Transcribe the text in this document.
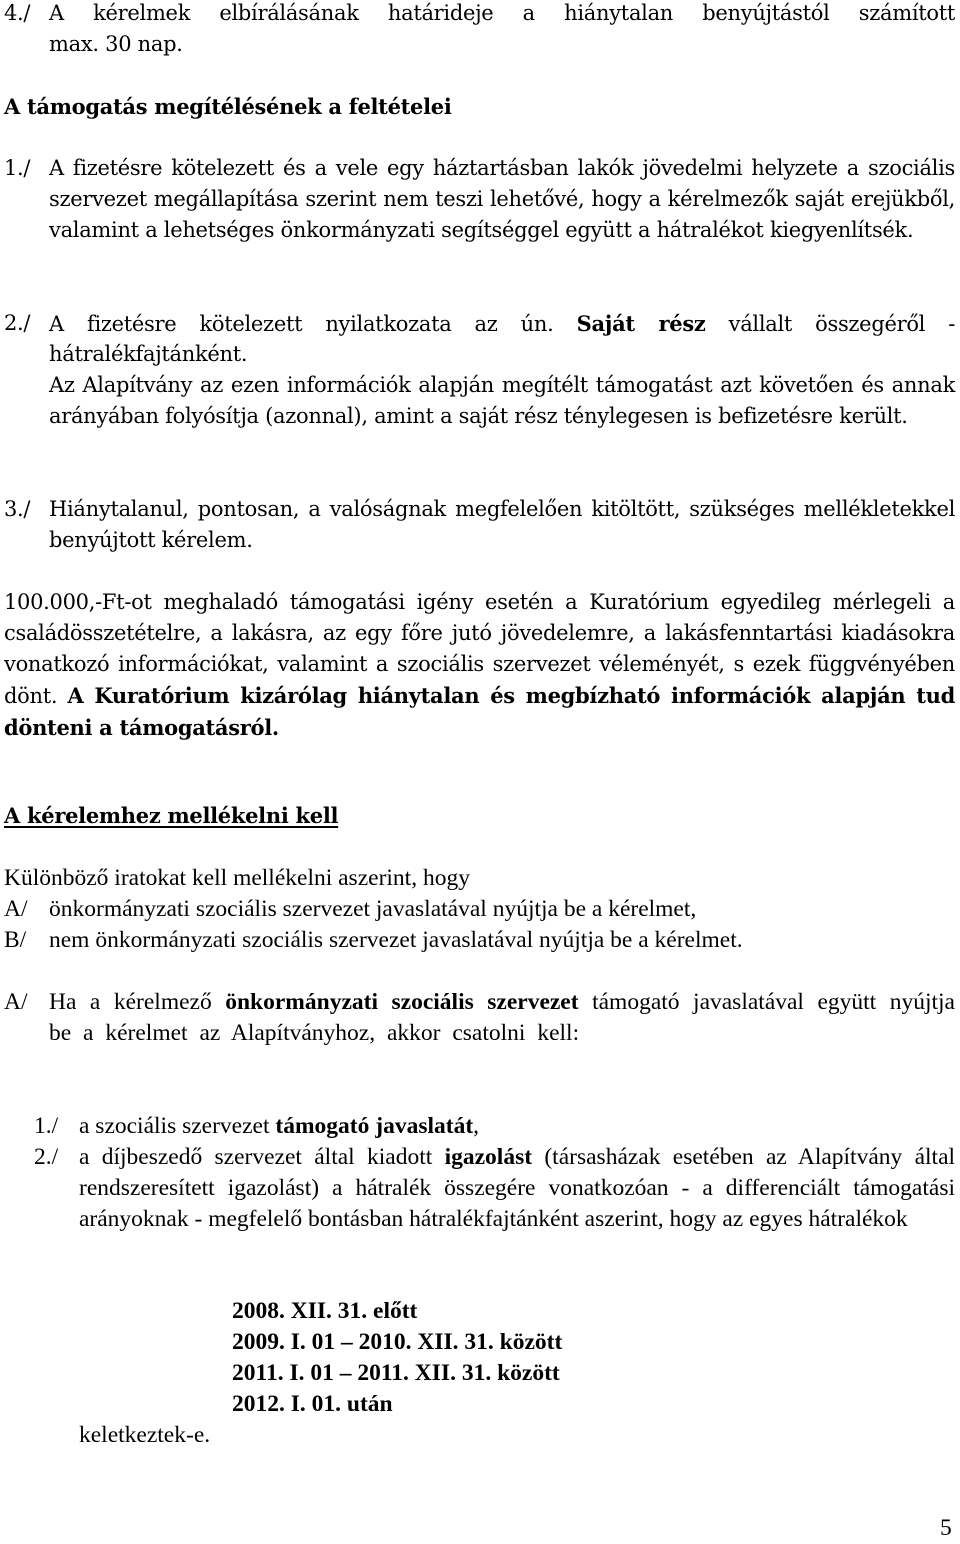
4./ A kérelmek elbírálásának határideje a hiánytalan benyújtástól számított
max. 30 nap.
A támogatás megítélésének a feltételei
1./ A fizetésre kötelezett és a vele egy háztartásban lakók jövedelmi helyzete a szociális szervezet megállapítása szerint nem teszi lehetővé, hogy a kérelmezők saját erejükből, valamint a lehetséges önkormányzati segítséggel együtt a hátralékot kiegyenlítsék.
2./ A fizetésre kötelezett nyilatkozata az ún. Saját rész vállalt összegéről -
hátralékfajtánként.
Az Alapítvány az ezen információk alapján megítélt támogatást azt követően és annak arányában folyósítja (azonnal), amint a saját rész ténylegesen is befizetésre került.
3./ Hiánytalanul, pontosan, a valóságnak megfelelően kitöltött, szükséges mellékletekkel benyújtott kérelem.
100.000,-Ft-ot meghaladó támogatási igény esetén a Kuratórium egyedileg mérlegeli a családösszetételre, a lakásra, az egy főre jutó jövedelemre, a lakásfenntartási kiadásokra vonatkozó információkat, valamint a szociális szervezet véleményét, s ezek függvényében dönt. A Kuratórium kizárólag hiánytalan és megbízható információk alapján tud dönteni a támogatásról.
A kérelemhez mellékelni kell
Különböző iratokat kell mellékelni aszerint, hogy
A/ önkormányzati szociális szervezet javaslatával nyújtja be a kérelmet,
B/ nem önkormányzati szociális szervezet javaslatával nyújtja be a kérelmet.
A/ Ha a kérelmező önkormányzati szociális szervezet támogató javaslatával együtt nyújtja be a kérelmet az Alapítványhoz, akkor csatolni kell:
1./ a szociális szervezet támogató javaslatát,
2./ a díjbeszedő szervezet által kiadott igazolást (társasházak esetében az Alapítvány által rendszeresített igazolást) a hátralék összegére vonatkozóan - a differenciált támogatási arányoknak - megfelelő bontásban hátralékfajtánként aszerint, hogy az egyes hátralékok
2008. XII. 31. előtt
2009. I. 01 – 2010. XII. 31. között
2011. I. 01 – 2011. XII. 31. között
2012. I. 01. után
keletkeztek-e.
5
